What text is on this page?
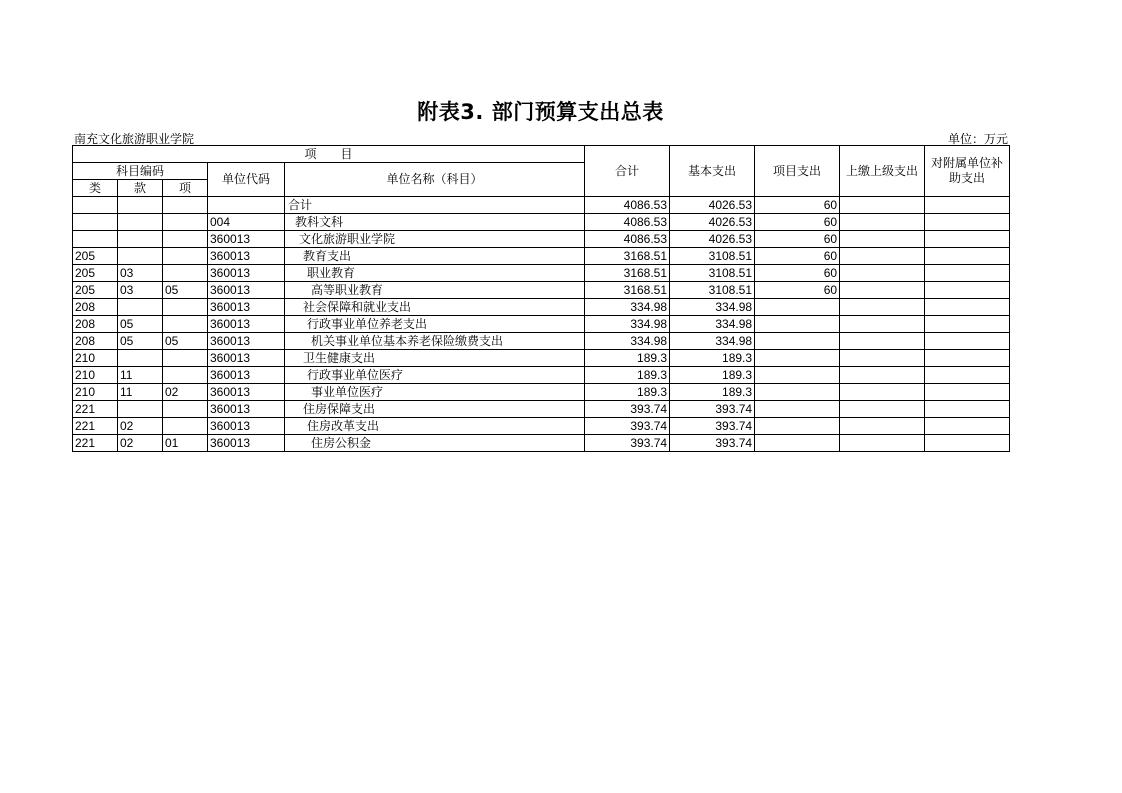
附表3. 部门预算支出总表
南充文化旅游职业学院	单位：万元
项　　目					合计	基本支出	项目支出	上缴上级支出	对附属单位补助支出
科目编码			单位代码	单位名称（科目）					
类	款	项							
				合计	4086.53	4026.53	60		
			004	教科文科	4086.53	4026.53	60		
			360013	文化旅游职业学院	4086.53	4026.53	60		
205			360013	教育支出	3168.51	3108.51	60		
205	03		360013	职业教育	3168.51	3108.51	60		
205	03	05	360013	高等职业教育	3168.51	3108.51	60		
208			360013	社会保障和就业支出	334.98	334.98			
208	05		360013	行政事业单位养老支出	334.98	334.98			
208	05	05	360013	机关事业单位基本养老保险缴费支出	334.98	334.98			
210			360013	卫生健康支出	189.3	189.3			
210	11		360013	行政事业单位医疗	189.3	189.3			
210	11	02	360013	事业单位医疗	189.3	189.3			
221			360013	住房保障支出	393.74	393.74			
221	02		360013	住房改革支出	393.74	393.74			
221	02	01	360013	住房公积金	393.74	393.74			
